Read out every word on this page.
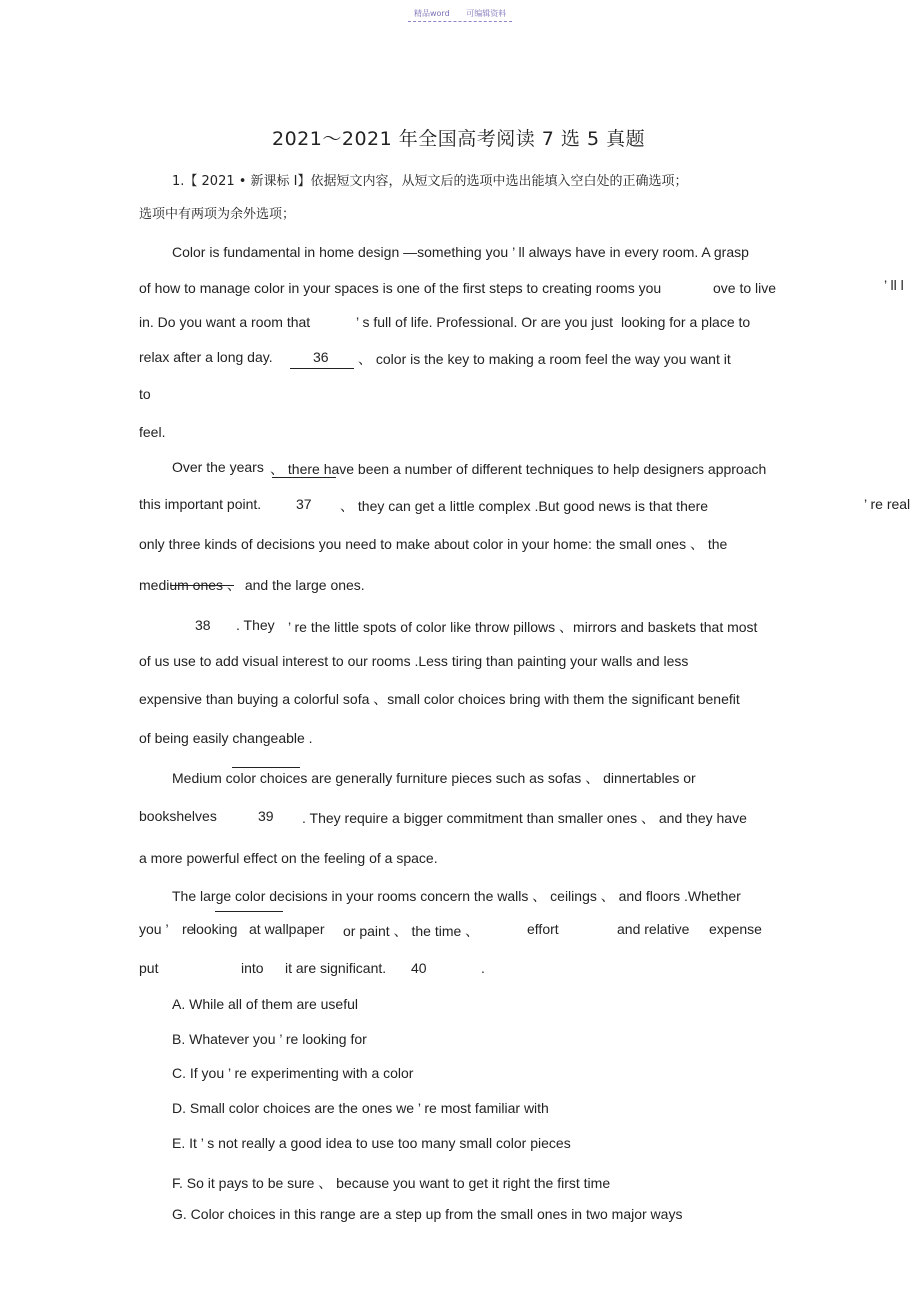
精品word 可编辑资料
2021～2021 年全国高考阅读 7 选 5 真题
1.【 2021 • 新课标 I】依据短文内容，从短文后的选项中选出能填入空白处的正确选项；
选项中有两项为余外选项；
Color is fundamental in home design —something you ’ ll always have in every room. A grasp
of how to manage color in your spaces is one of the first steps to creating rooms you	ove to live	’ ll l
in. Do you want a room that	’ s full of life. Professional. Or are you just looking for a place to
relax after a long day.	36 、 color is the key to making a room feel the way you want it
to
feel.
Over the years 、 there have been a number of different techniques to help designers approach
this important point. 37 、 they can get a little complex .But good news is that there	’ re real
only three kinds of decisions you need to make about color in your home: the small ones 、 the
medium ones 、 and the large ones.
38 . They ’ re the little spots of color like throw pillows 、mirrors and baskets that most
of us use to add visual interest to our rooms .Less tiring than painting your walls and less
expensive than buying a colorful sofa 、small color choices bring with them the significant benefit
of being easily changeable .
Medium color choices are generally furniture pieces such as sofas 、 dinnertables or
bookshelves	39 . They require a bigger commitment than smaller ones 、 and they have
a more powerful effect on the feeling of a space.
The large color decisions in your rooms concern the walls 、 ceilings 、 and floors .Whether
you ’ re
looking at wallpaper or paint 、 the time 、	effort	and relative expense
put	into it are significant. 40	.
A. While all of them are useful
B. Whatever you ’ re looking for
C. If you ’ re experimenting with a color
D. Small color choices are the ones we ’ re most familiar with
E. It ’ s not really a good idea to use too many small color pieces
F. So it pays to be sure 、 because you want to get it right the first time
G. Color choices in this range are a step up from the small ones in two major ways
